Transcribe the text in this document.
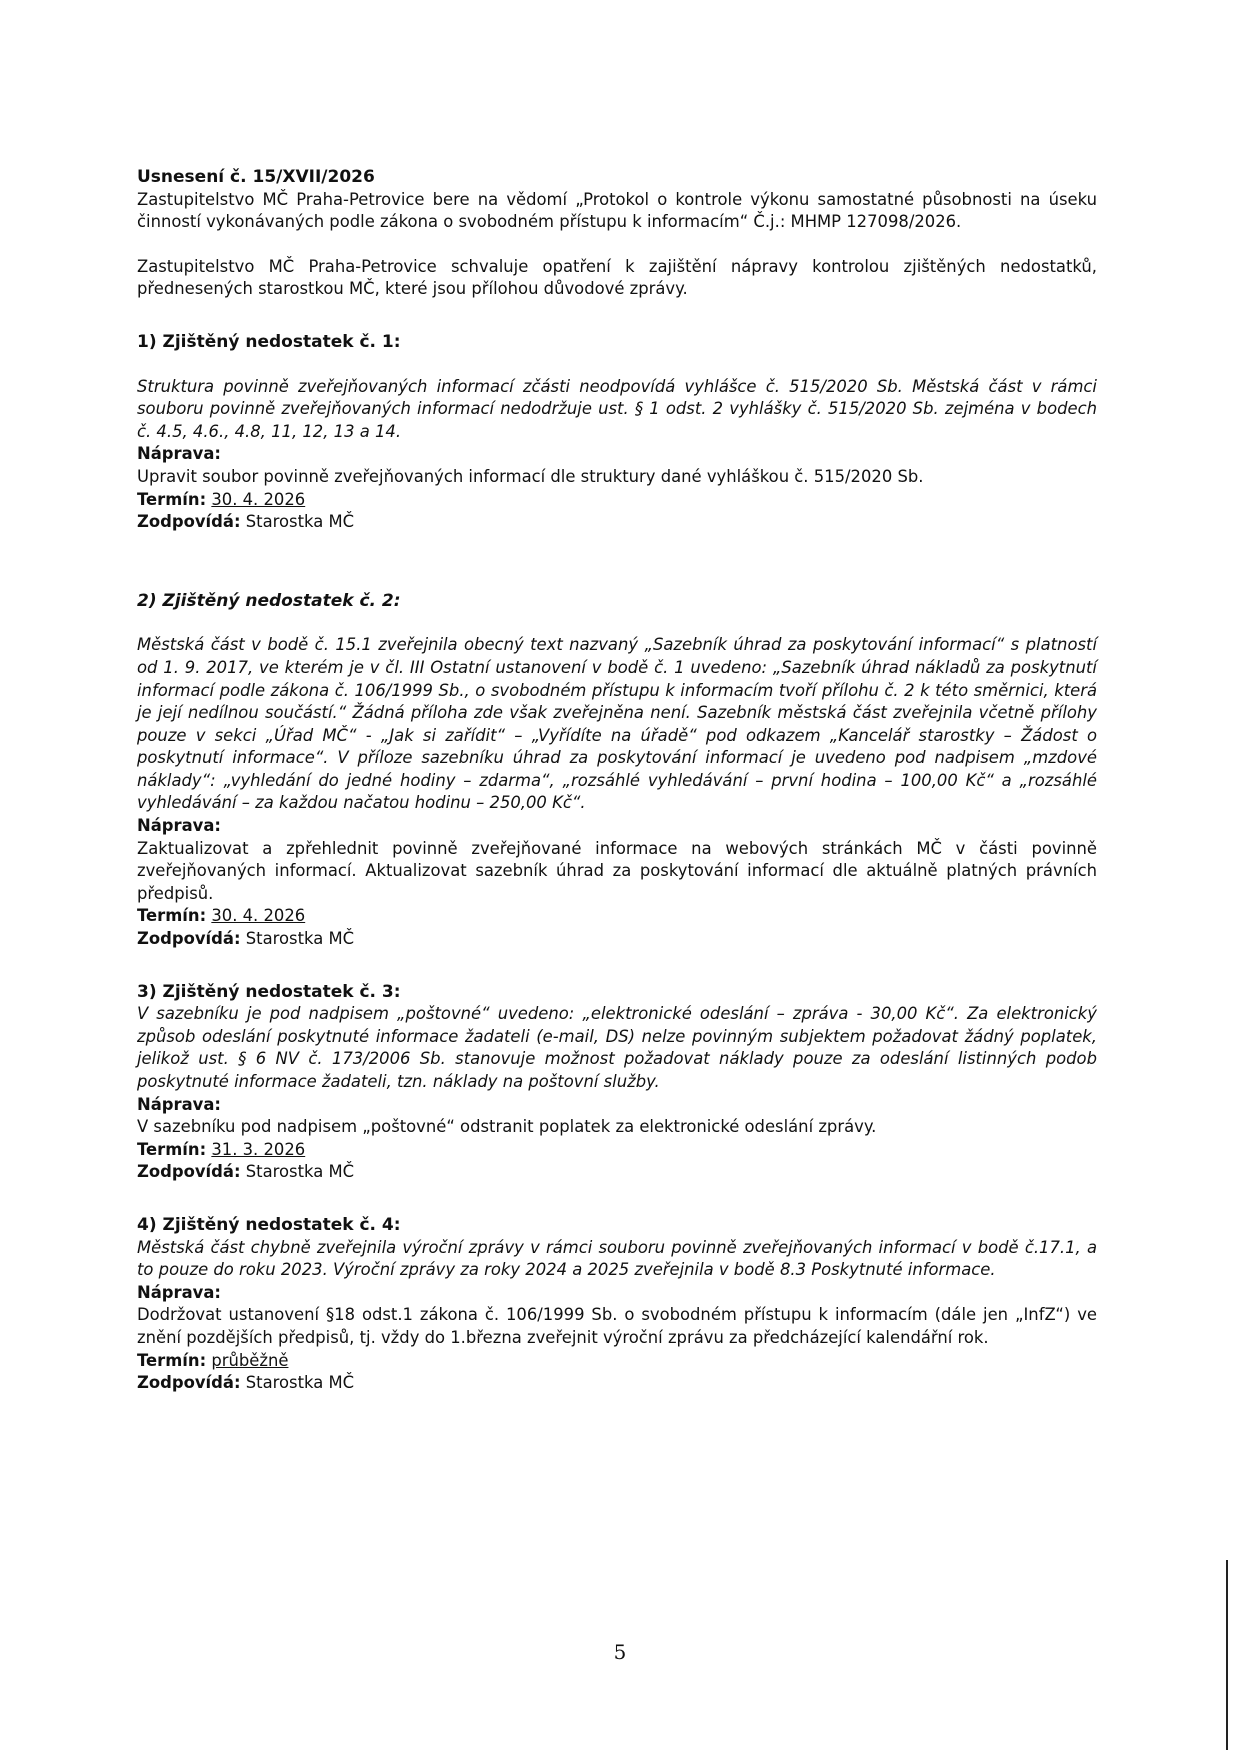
Usnesení č. 15/XVII/2026

Zastupitelstvo MČ Praha-Petrovice bere na vědomí „Protokol o kontrole výkonu samostatné působnosti na úseku činností vykonávaných podle zákona o svobodném přístupu k informacím“ Č.j.: MHMP 127098/2026.

Zastupitelstvo MČ Praha-Petrovice schvaluje opatření k zajištění nápravy kontrolou zjištěných nedostatků, přednesených starostkou MČ, které jsou přílohou důvodové zprávy.

1) Zjištěný nedostatek č. 1:

Struktura povinně zveřejňovaných informací zčásti neodpovídá vyhlášce č. 515/2020 Sb. Městská část v rámci souboru povinně zveřejňovaných informací nedodržuje ust. § 1 odst. 2 vyhlášky č. 515/2020 Sb. zejména v bodech č. 4.5, 4.6., 4.8, 11, 12, 13 a 14.

Náprava:

Upravit soubor povinně zveřejňovaných informací dle struktury dané vyhláškou č. 515/2020 Sb.

Termín: 30. 4. 2026

Zodpovídá: Starostka MČ

2) Zjištěný nedostatek č. 2:

Městská část v bodě č. 15.1 zveřejnila obecný text nazvaný „Sazebník úhrad za poskytování informací“ s platností od 1. 9. 2017, ve kterém je v čl. III Ostatní ustanovení v bodě č. 1 uvedeno: „Sazebník úhrad nákladů za poskytnutí informací podle zákona č. 106/1999 Sb., o svobodném přístupu k informacím tvoří přílohu č. 2 k této směrnici, která je její nedílnou součástí.“ Žádná příloha zde však zveřejněna není. Sazebník městská část zveřejnila včetně přílohy pouze v sekci „Úřad MČ“ - „Jak si zařídit“ – „Vyřídíte na úřadě“ pod odkazem „Kancelář starostky – Žádost o poskytnutí informace“. V příloze sazebníku úhrad za poskytování informací je uvedeno pod nadpisem „mzdové náklady“: „vyhledání do jedné hodiny – zdarma“, „rozsáhlé vyhledávání – první hodina – 100,00 Kč“ a „rozsáhlé vyhledávání – za každou načatou hodinu – 250,00 Kč“.

Náprava:

Zaktualizovat a zpřehlednit povinně zveřejňované informace na webových stránkách MČ v části povinně zveřejňovaných informací. Aktualizovat sazebník úhrad za poskytování informací dle aktuálně platných právních předpisů.

Termín: 30. 4. 2026

Zodpovídá: Starostka MČ

3) Zjištěný nedostatek č. 3:

V sazebníku je pod nadpisem „poštovné“ uvedeno: „elektronické odeslání – zpráva - 30,00 Kč“. Za elektronický způsob odeslání poskytnuté informace žadateli (e-mail, DS) nelze povinným subjektem požadovat žádný poplatek, jelikož ust. § 6 NV č. 173/2006 Sb. stanovuje možnost požadovat náklady pouze za odeslání listinných podob poskytnuté informace žadateli, tzn. náklady na poštovní služby.

Náprava:

V sazebníku pod nadpisem „poštovné“ odstranit poplatek za elektronické odeslání zprávy.

Termín: 31. 3. 2026

Zodpovídá: Starostka MČ

4) Zjištěný nedostatek č. 4:

Městská část chybně zveřejnila výroční zprávy v rámci souboru povinně zveřejňovaných informací v bodě č.17.1, a to pouze do roku 2023. Výroční zprávy za roky 2024 a 2025 zveřejnila v bodě 8.3 Poskytnuté informace.

Náprava:

Dodržovat ustanovení §18 odst.1 zákona č. 106/1999 Sb. o svobodném přístupu k informacím (dále jen „InfZ“) ve znění pozdějších předpisů, tj. vždy do 1.března zveřejnit výroční zprávu za předcházející kalendářní rok.

Termín: průběžně

Zodpovídá: Starostka MČ

5
